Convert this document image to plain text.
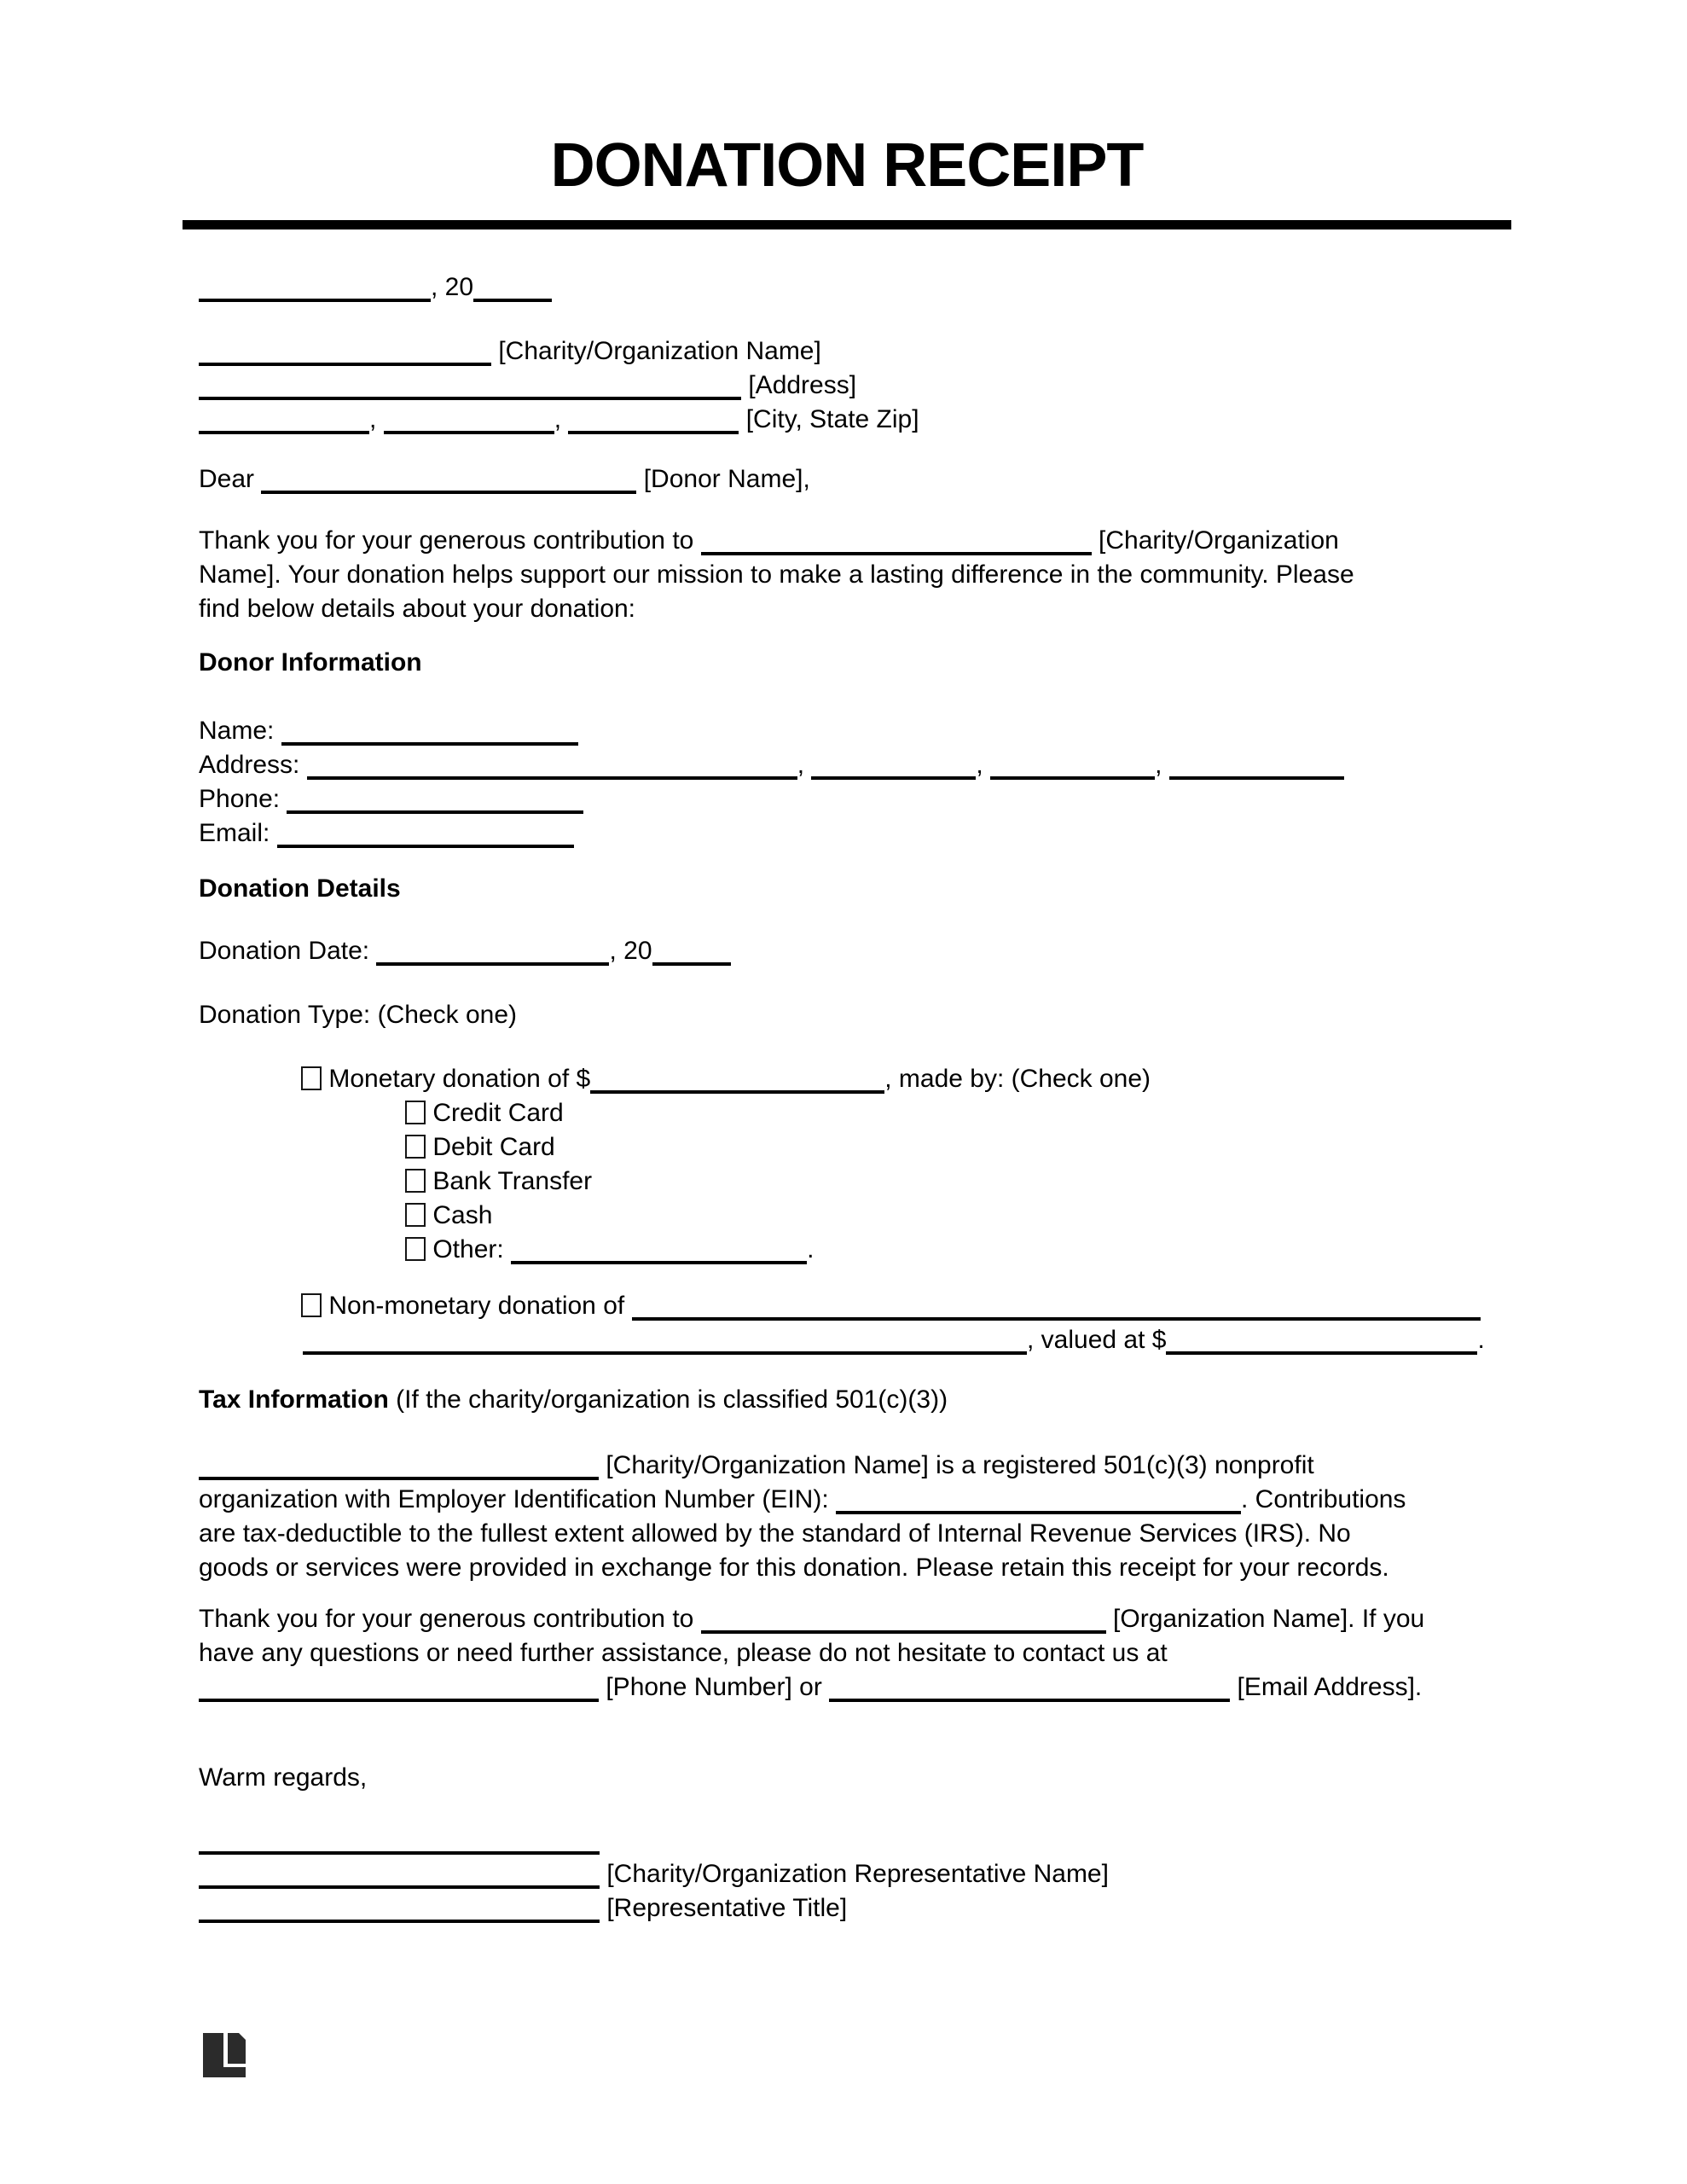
DONATION RECEIPT
, 20
[Charity/Organization Name]
[Address]
,	,	[City, State Zip]
Dear	[Donor Name],
Thank you for your generous contribution to	[Charity/Organization
Name]. Your donation helps support our mission to make a lasting difference in the community. Please
find below details about your donation:
Donor Information
Name:
Address:	,	,	,
Phone:
Email:
Donation Details
Donation Date:	, 20
Donation Type: (Check one)
Monetary donation of $	, made by: (Check one)
Credit Card
Debit Card
Bank Transfer
Cash
Other:	.
Non-monetary donation of
, valued at $	.
Tax Information (If the charity/organization is classified 501(c)(3))
[Charity/Organization Name] is a registered 501(c)(3) nonprofit
organization with Employer Identification Number (EIN):	. Contributions
are tax-deductible to the fullest extent allowed by the standard of Internal Revenue Services (IRS). No
goods or services were provided in exchange for this donation. Please retain this receipt for your records.
Thank you for your generous contribution to	[Organization Name]. If you
have any questions or need further assistance, please do not hesitate to contact us at
[Phone Number] or	[Email Address].
Warm regards,
[Charity/Organization Representative Name]
[Representative Title]
